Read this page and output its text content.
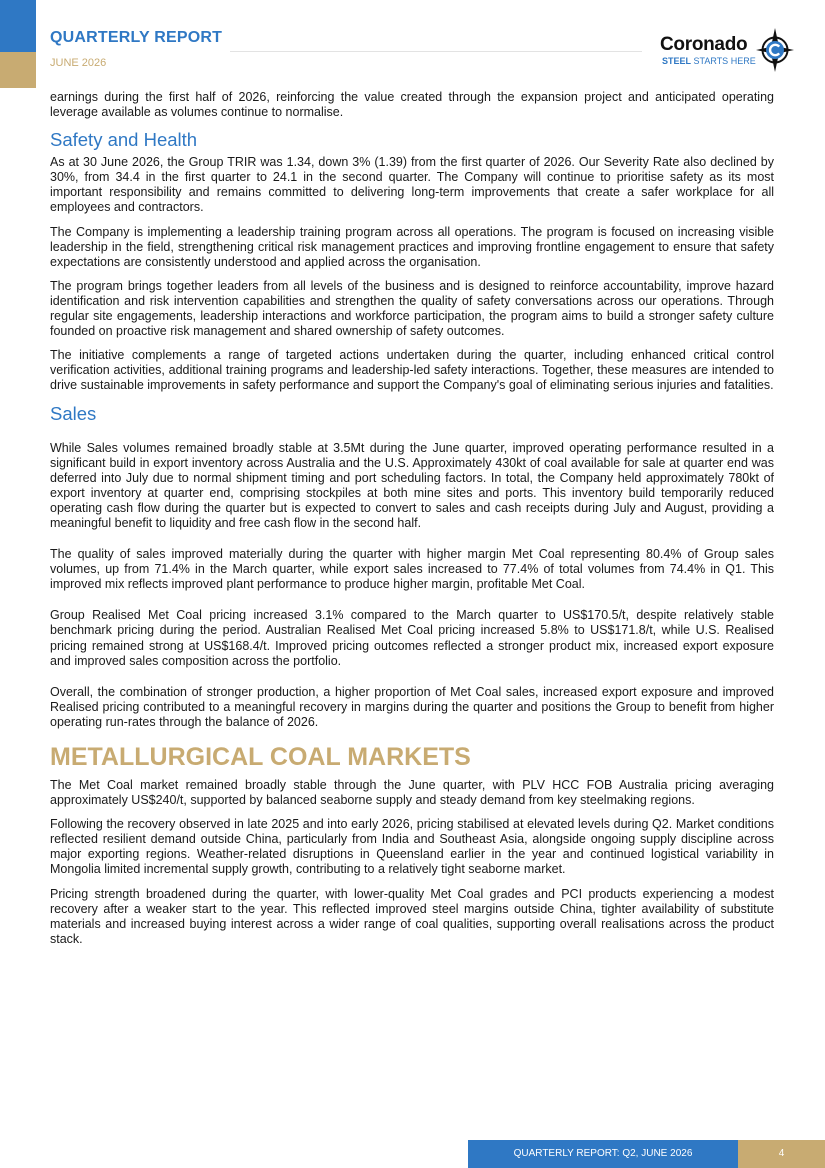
QUARTERLY REPORT
JUNE 2026
Coronado
STEEL STARTS HERE

earnings during the first half of 2026, reinforcing the value created through the expansion project and anticipated operating leverage available as volumes continue to normalise.

Safety and Health

As at 30 June 2026, the Group TRIR was 1.34, down 3% (1.39) from the first quarter of 2026. Our Severity Rate also declined by 30%, from 34.4 in the first quarter to 24.1 in the second quarter. The Company will continue to prioritise safety as its most important responsibility and remains committed to delivering long-term improvements that create a safer workplace for all employees and contractors.

The Company is implementing a leadership training program across all operations. The program is focused on increasing visible leadership in the field, strengthening critical risk management practices and improving frontline engagement to ensure that safety expectations are consistently understood and applied across the organisation.

The program brings together leaders from all levels of the business and is designed to reinforce accountability, improve hazard identification and risk intervention capabilities and strengthen the quality of safety conversations across our operations. Through regular site engagements, leadership interactions and workforce participation, the program aims to build a stronger safety culture founded on proactive risk management and shared ownership of safety outcomes.

The initiative complements a range of targeted actions undertaken during the quarter, including enhanced critical control verification activities, additional training programs and leadership-led safety interactions. Together, these measures are intended to drive sustainable improvements in safety performance and support the Company's goal of eliminating serious injuries and fatalities.

Sales

While Sales volumes remained broadly stable at 3.5Mt during the June quarter, improved operating performance resulted in a significant build in export inventory across Australia and the U.S. Approximately 430kt of coal available for sale at quarter end was deferred into July due to normal shipment timing and port scheduling factors. In total, the Company held approximately 780kt of export inventory at quarter end, comprising stockpiles at both mine sites and ports. This inventory build temporarily reduced operating cash flow during the quarter but is expected to convert to sales and cash receipts during July and August, providing a meaningful benefit to liquidity and free cash flow in the second half.

The quality of sales improved materially during the quarter with higher margin Met Coal representing 80.4% of Group sales volumes, up from 71.4% in the March quarter, while export sales increased to 77.4% of total volumes from 74.4% in Q1. This improved mix reflects improved plant performance to produce higher margin, profitable Met Coal.

Group Realised Met Coal pricing increased 3.1% compared to the March quarter to US$170.5/t, despite relatively stable benchmark pricing during the period. Australian Realised Met Coal pricing increased 5.8% to US$171.8/t, while U.S. Realised pricing remained strong at US$168.4/t. Improved pricing outcomes reflected a stronger product mix, increased export exposure and improved sales composition across the portfolio.

Overall, the combination of stronger production, a higher proportion of Met Coal sales, increased export exposure and improved Realised pricing contributed to a meaningful recovery in margins during the quarter and positions the Group to benefit from higher operating run-rates through the balance of 2026.

METALLURGICAL COAL MARKETS

The Met Coal market remained broadly stable through the June quarter, with PLV HCC FOB Australia pricing averaging approximately US$240/t, supported by balanced seaborne supply and steady demand from key steelmaking regions.

Following the recovery observed in late 2025 and into early 2026, pricing stabilised at elevated levels during Q2. Market conditions reflected resilient demand outside China, particularly from India and Southeast Asia, alongside ongoing supply discipline across major exporting regions. Weather-related disruptions in Queensland earlier in the year and continued logistical variability in Mongolia limited incremental supply growth, contributing to a relatively tight seaborne market.

Pricing strength broadened during the quarter, with lower-quality Met Coal grades and PCI products experiencing a modest recovery after a weaker start to the year. This reflected improved steel margins outside China, tighter availability of substitute materials and increased buying interest across a wider range of coal qualities, supporting overall realisations across the product stack.

QUARTERLY REPORT: Q2, JUNE 2026	4
